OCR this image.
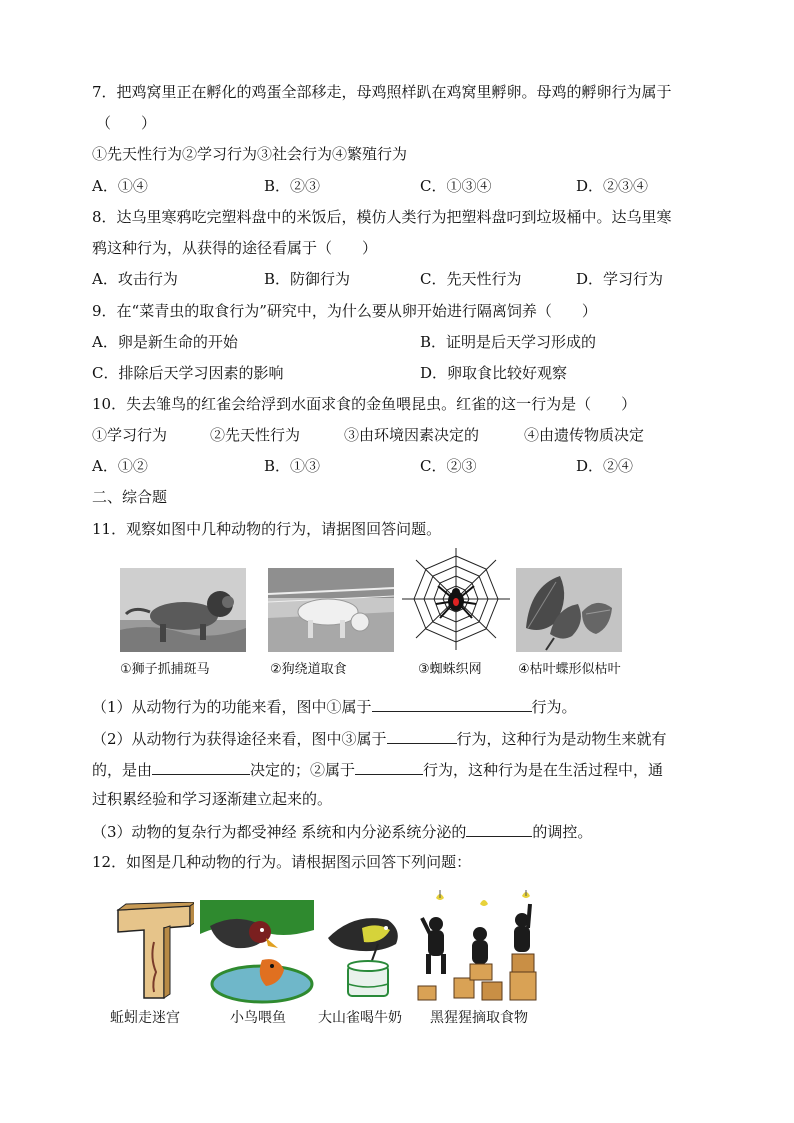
7．把鸡窝里正在孵化的鸡蛋全部移走，母鸡照样趴在鸡窝里孵卵。母鸡的孵卵行为属于
（　　）
①先天性行为②学习行为③社会行为④繁殖行为
A．①④	B．②③	C．①③④	D．②③④
8．达乌里寒鸦吃完塑料盘中的米饭后，模仿人类行为把塑料盘叼到垃圾桶中。达乌里寒
鸦这种行为，从获得的途径看属于（　　）
A．攻击行为	B．防御行为	C．先天性行为	D．学习行为
9．在“菜青虫的取食行为”研究中，为什么要从卵开始进行隔离饲养（　　）
A．卵是新生命的开始	B．证明是后天学习形成的
C．排除后天学习因素的影响	D．卵取食比较好观察
10．失去雏鸟的红雀会给浮到水面求食的金鱼喂昆虫。红雀的这一行为是（　　）
①学习行为	②先天性行为	③由环境因素决定的	④由遗传物质决定
A．①②	B．①③	C．②③	D．②④
二、综合题
11．观察如图中几种动物的行为，请据图回答问题。
①狮子抓捕斑马	②狗绕道取食	③蜘蛛织网	④枯叶蝶形似枯叶
（1）从动物行为的功能来看，图中①属于	行为。
（2）从动物行为获得途径来看，图中③属于	行为，这种行为是动物生来就有
的，是由	决定的；②属于	行为，这种行为是在生活过程中，通
过积累经验和学习逐渐建立起来的。
（3）动物的复杂行为都受神经 系统和内分泌系统分泌的	的调控。
12．如图是几种动物的行为。请根据图示回答下列问题：
蚯蚓走迷宫	小鸟喂鱼 大山雀喝牛奶 黑猩猩摘取食物
